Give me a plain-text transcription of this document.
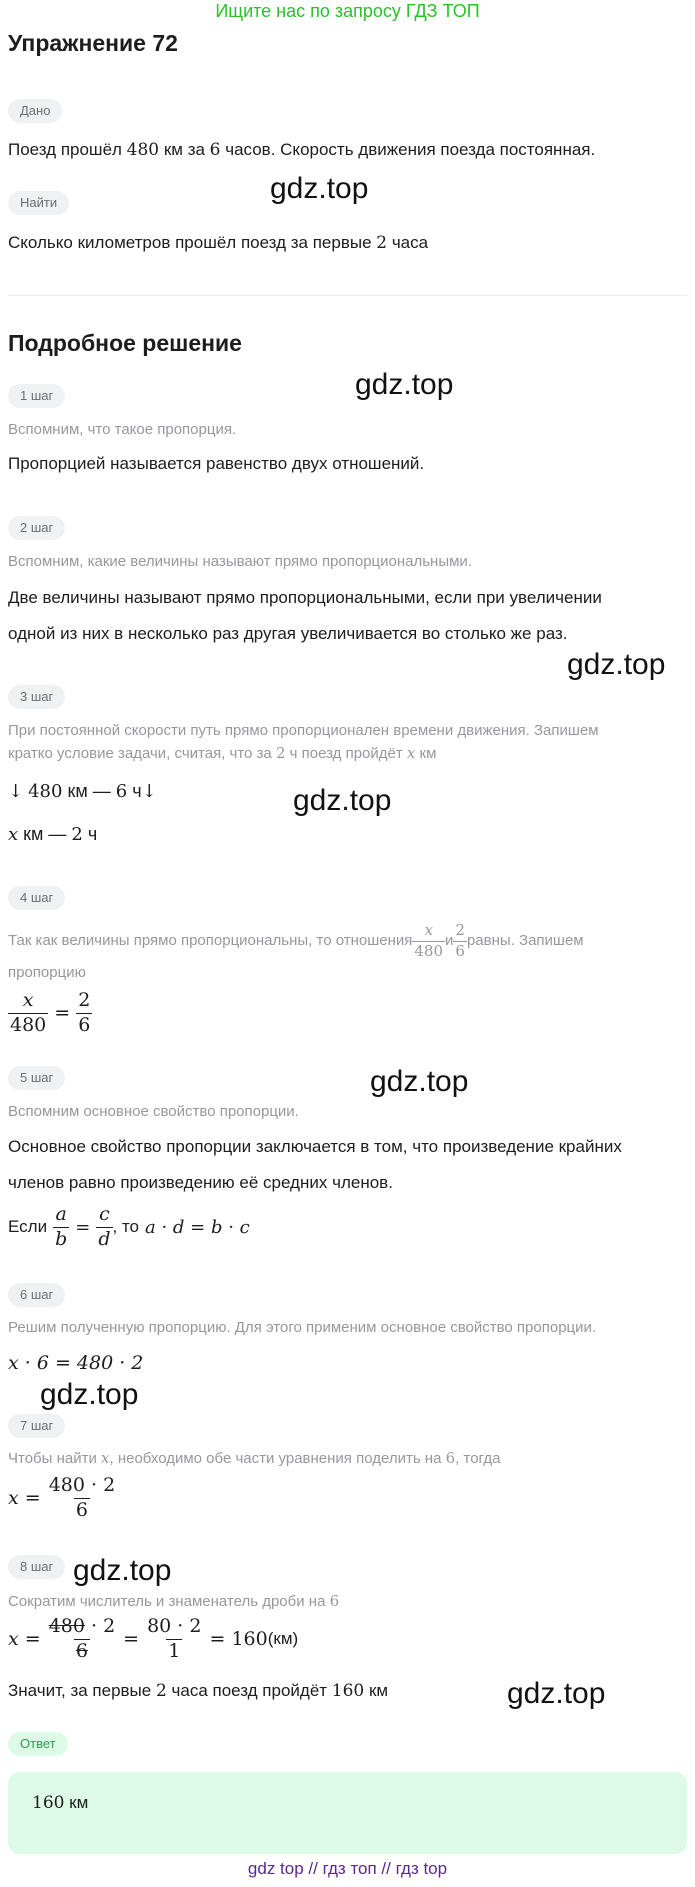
Ищите нас по запросу ГДЗ ТОП
Упражнение 72
Дано
Поезд прошёл 480 км за 6 часов. Скорость движения поезда постоянная.
Найти
Сколько километров прошёл поезд за первые 2 часа
Подробное решение
1 шаг
Вспомним, что такое пропорция.
Пропорцией называется равенство двух отношений.
2 шаг
Вспомним, какие величины называют прямо пропорциональными.
Две величины называют прямо пропорциональными, если при увеличении
одной из них в несколько раз другая увеличивается во столько же раз.
3 шаг
При постоянной скорости путь прямо пропорционален времени движения. Запишем
кратко условие задачи, считая, что за 2 ч поезд пройдёт x км
↓ 480 км — 6 ч↓
x км — 2 ч
4 шаг
Так как величины прямо пропорциональны, то отношения $\frac{x}{480}$ и $\frac{2}{6}$ равны. Запишем
пропорцию
$\frac{x}{480} = \frac{2}{6}$
5 шаг
Вспомним основное свойство пропорции.
Основное свойство пропорции заключается в том, что произведение крайних
членов равно произведению её средних членов.
Если $\frac{a}{b} = \frac{c}{d}$ , то a · d = b · c
6 шаг
Решим полученную пропорцию. Для этого применим основное свойство пропорции.
x · 6 = 480 · 2
7 шаг
Чтобы найти x, необходимо обе части уравнения поделить на 6, тогда
$x = \frac{480 \cdot 2}{6}$
8 шаг
Сократим числитель и знаменатель дроби на 6
$x = \frac{480 \cdot 2}{6} = \frac{80 \cdot 2}{1} = 160$ (км)
Значит, за первые 2 часа поезд пройдёт 160 км
Ответ
160 км
gdz top // гдз топ // гдз top
gdz.top
gdz.top
gdz.top
gdz.top
gdz.top
gdz.top
gdz.top
gdz.top
